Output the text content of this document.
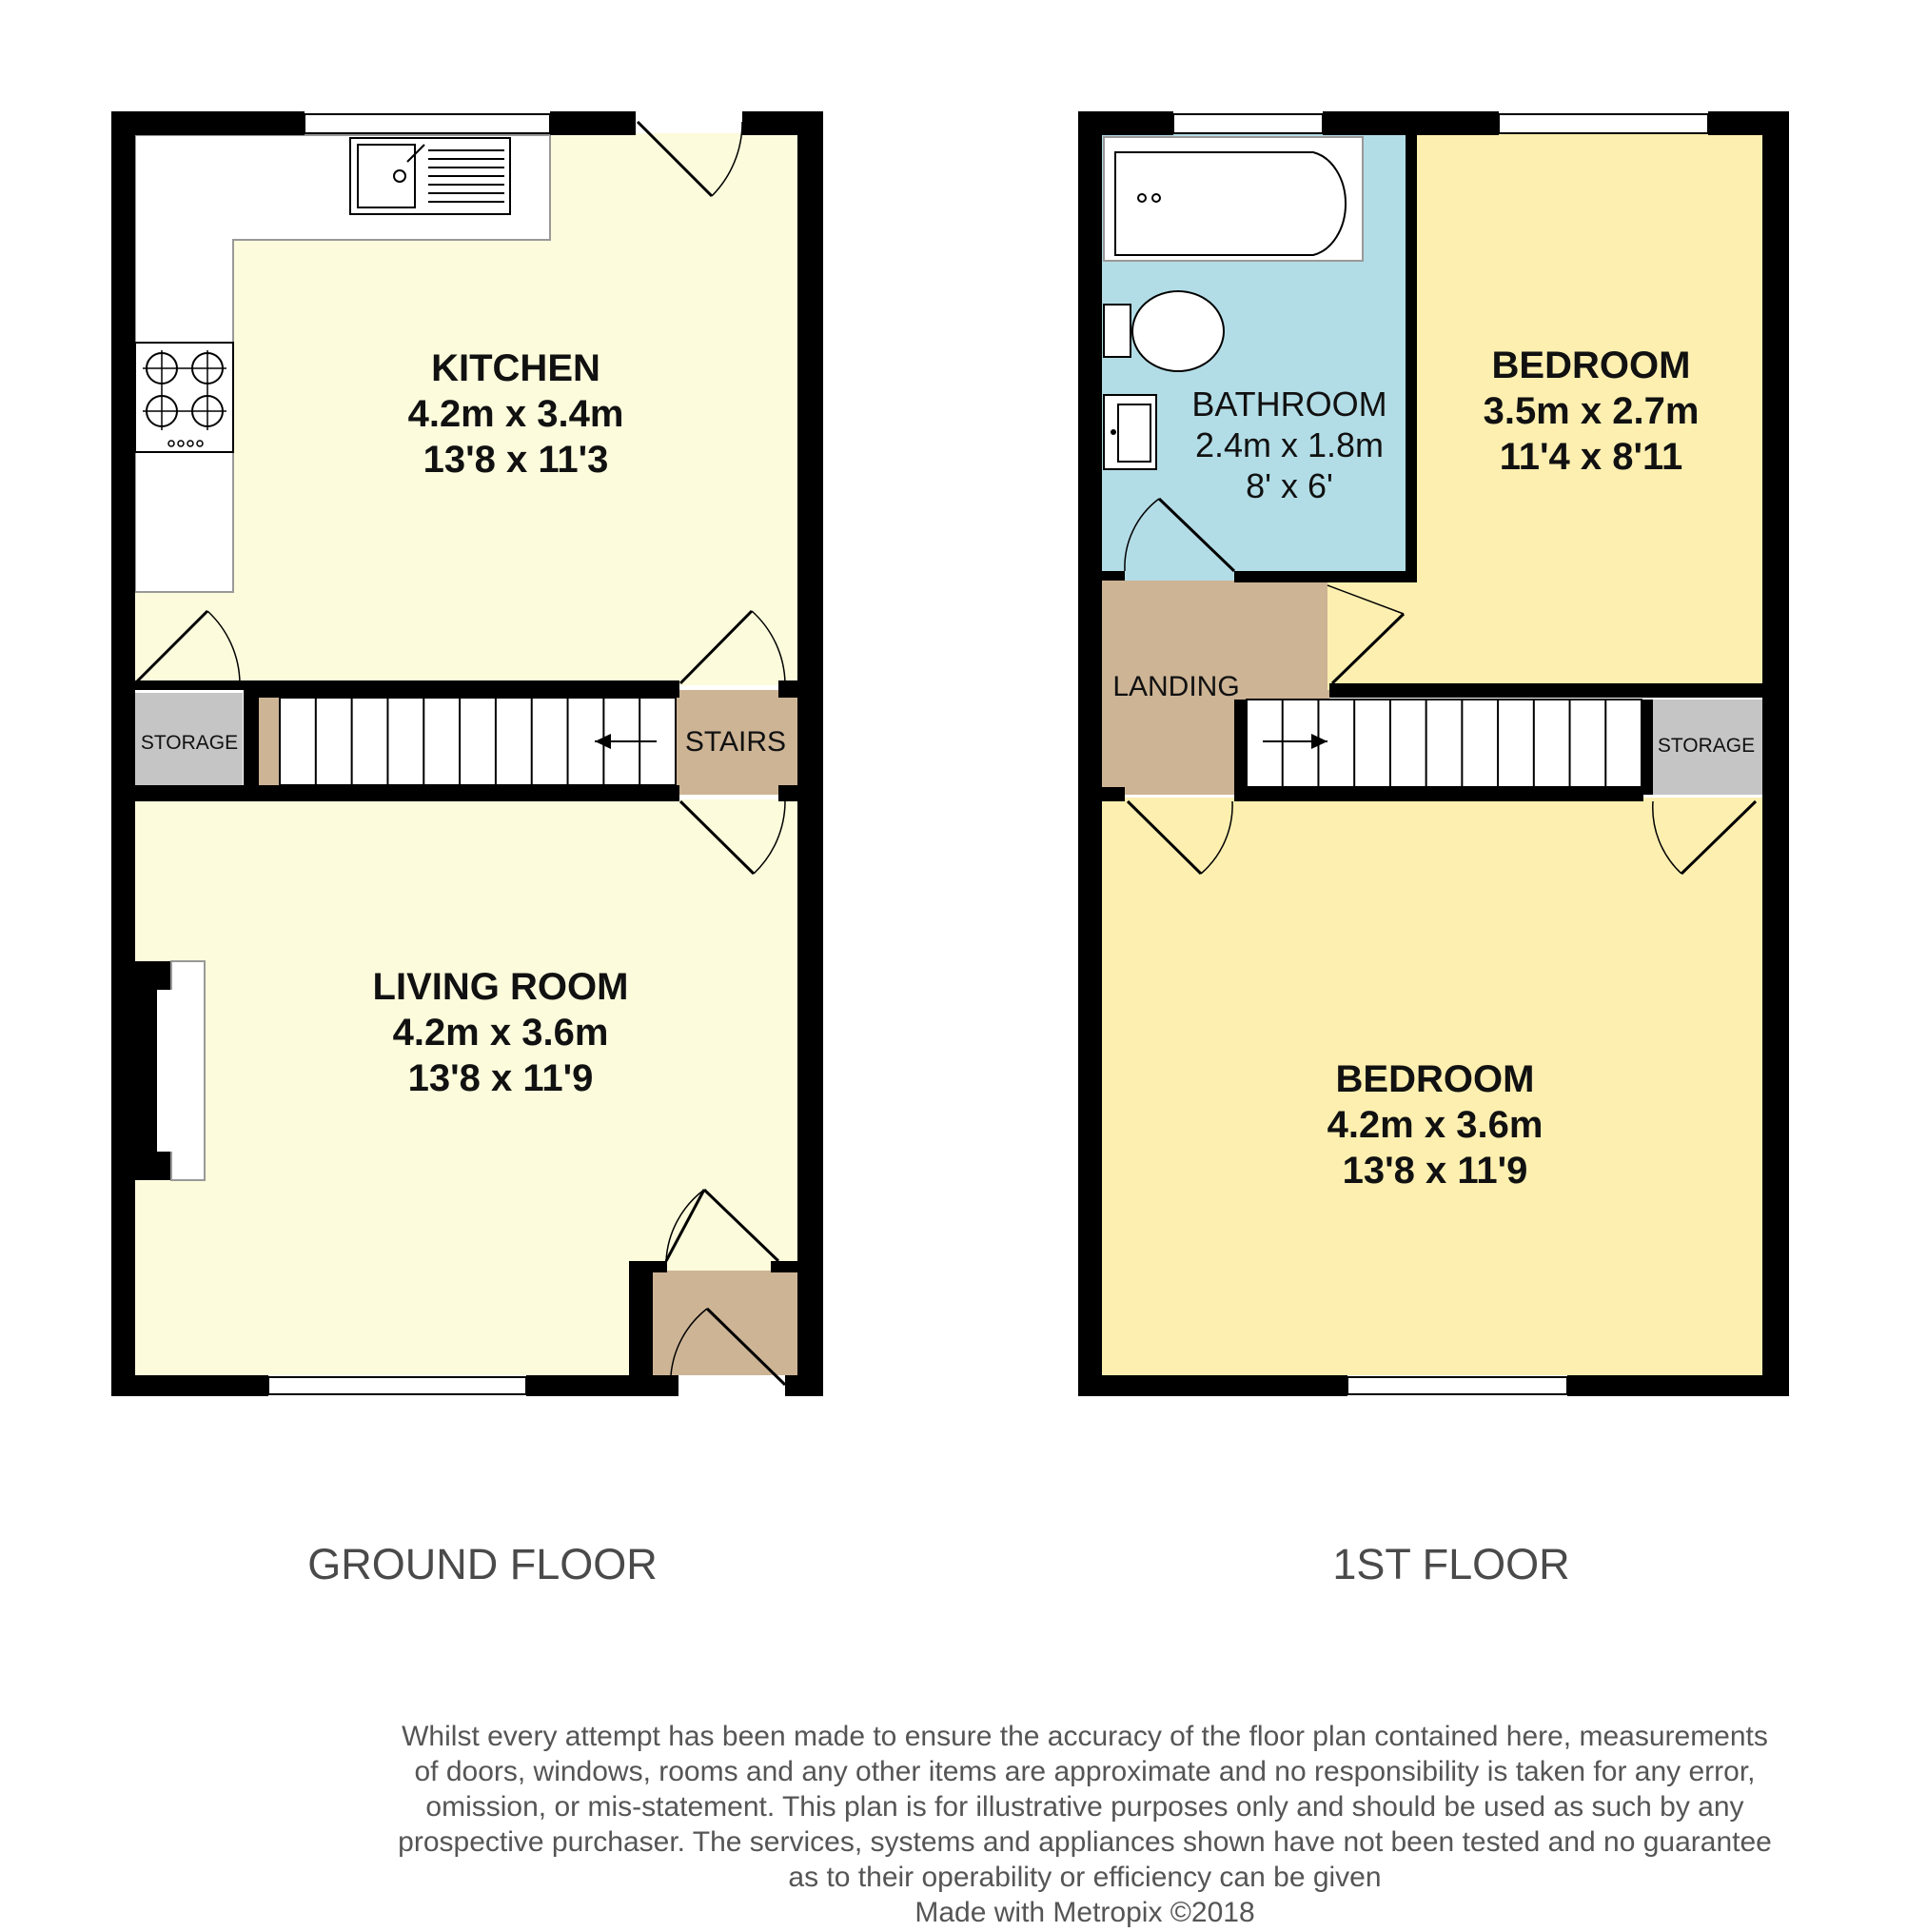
KITCHEN
4.2m x 3.4m
13'8 x 11'3
LIVING ROOM
4.2m x 3.6m
13'8 x 11'9
STORAGE	STAIRS
BATHROOM
2.4m x 1.8m
8' x 6'
BEDROOM
3.5m x 2.7m
11'4 x 8'11
BEDROOM
4.2m x 3.6m
13'8 x 11'9
LANDING
STORAGE
GROUND FLOOR	1ST FLOOR
Whilst every attempt has been made to ensure the accuracy of the floor plan contained here, measurements
of doors, windows, rooms and any other items are approximate and no responsibility is taken for any error,
omission, or mis-statement. This plan is for illustrative purposes only and should be used as such by any
prospective purchaser. The services, systems and appliances shown have not been tested and no guarantee
as to their operability or efficiency can be given
Made with Metropix ©2018
